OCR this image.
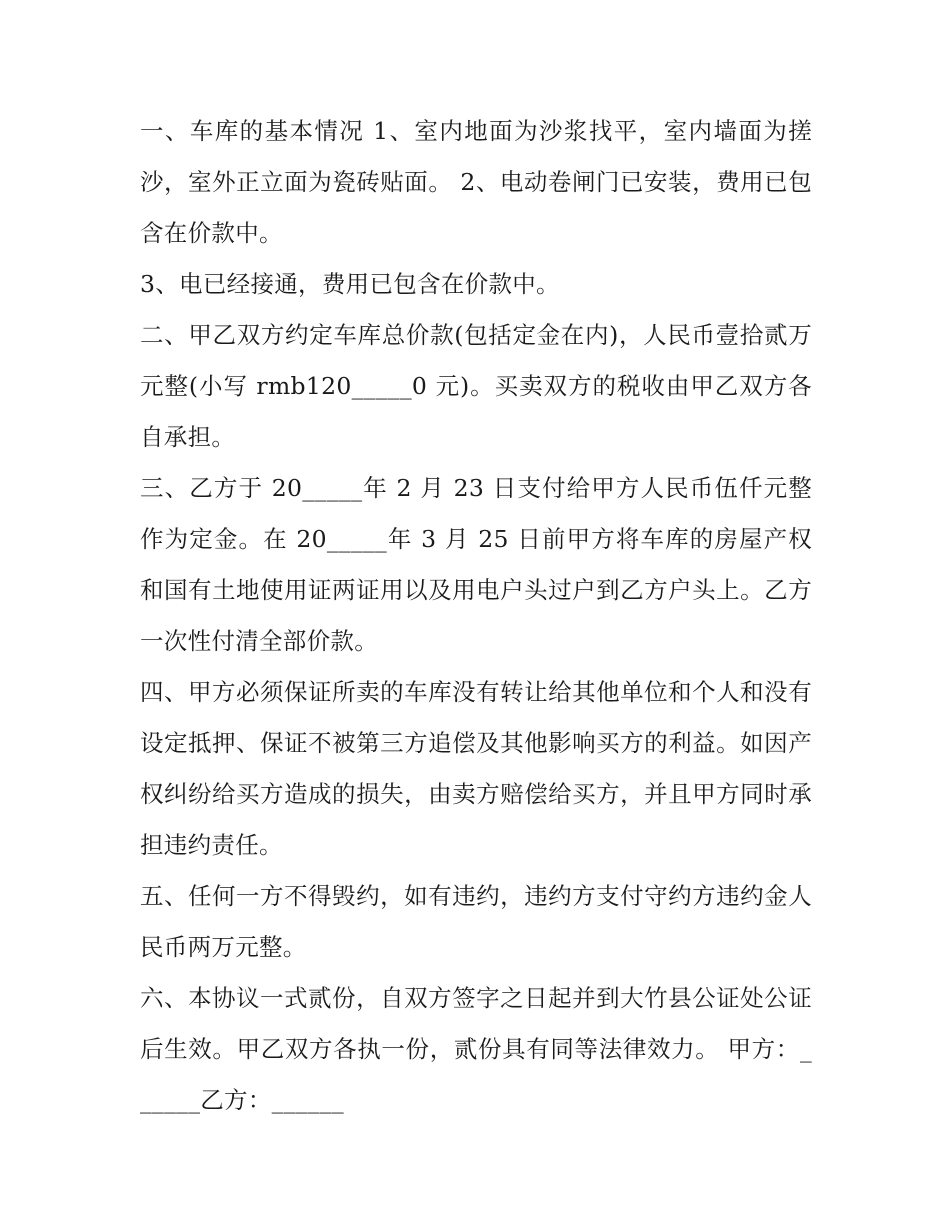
一、车库的基本情况 1、室内地面为沙浆找平，室内墙面为搓沙，室外正立面为瓷砖贴面。 2、电动卷闸门已安装，费用已包含在价款中。

3、电已经接通，费用已包含在价款中。

二、甲乙双方约定车库总价款(包括定金在内)，人民币壹拾贰万元整(小写 rmb120_____0 元)。买卖双方的税收由甲乙双方各自承担。

三、乙方于 20_____年 2 月 23 日支付给甲方人民币伍仟元整作为定金。在 20_____年 3 月 25 日前甲方将车库的房屋产权和国有土地使用证两证用以及用电户头过户到乙方户头上。乙方一次性付清全部价款。

四、甲方必须保证所卖的车库没有转让给其他单位和个人和没有设定抵押、保证不被第三方追偿及其他影响买方的利益。如因产权纠纷给买方造成的损失，由卖方赔偿给买方，并且甲方同时承担违约责任。

五、任何一方不得毁约，如有违约，违约方支付守约方违约金人民币两万元整。

六、本协议一式贰份，自双方签字之日起并到大竹县公证处公证后生效。甲乙双方各执一份，贰份具有同等法律效力。 甲方：______乙方：______
